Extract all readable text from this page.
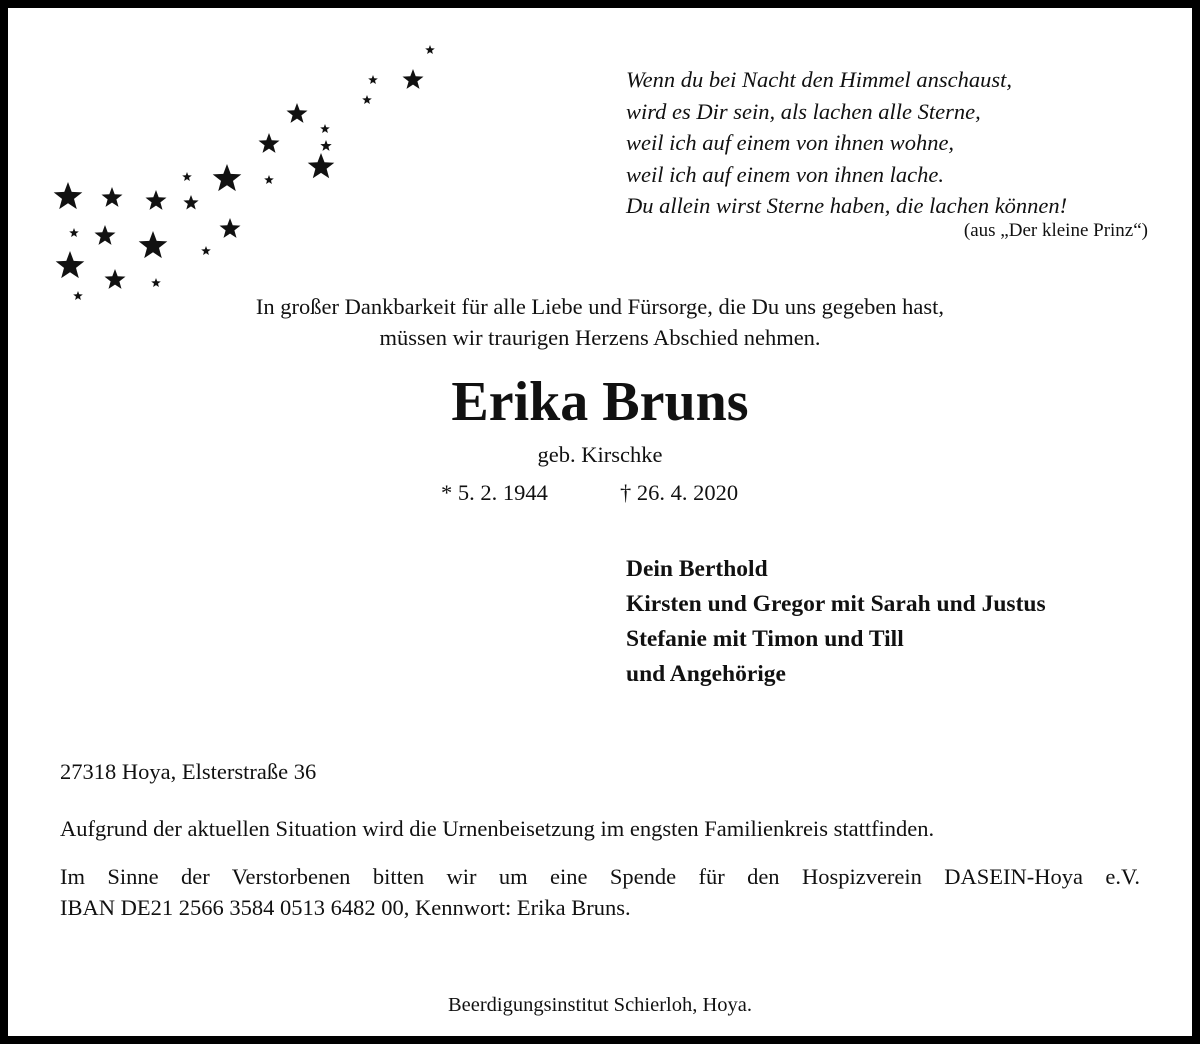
Wenn du bei Nacht den Himmel anschaust,
wird es Dir sein, als lachen alle Sterne,
weil ich auf einem von ihnen wohne,
weil ich auf einem von ihnen lache.
Du allein wirst Sterne haben, die lachen können!
(aus „Der kleine Prinz“)
In großer Dankbarkeit für alle Liebe und Fürsorge, die Du uns gegeben hast,
müssen wir traurigen Herzens Abschied nehmen.
Erika Bruns
geb. Kirschke
* 5. 2. 1944	† 26. 4. 2020
Dein Berthold
Kirsten und Gregor mit Sarah und Justus
Stefanie mit Timon und Till
und Angehörige
27318 Hoya, Elsterstraße 36
Aufgrund der aktuellen Situation wird die Urnenbeisetzung im engsten Familienkreis stattfinden.
Im Sinne der Verstorbenen bitten wir um eine Spende für den Hospizverein DASEIN-Hoya e.V.
IBAN DE21 2566 3584 0513 6482 00, Kennwort: Erika Bruns.
Beerdigungsinstitut Schierloh, Hoya.
